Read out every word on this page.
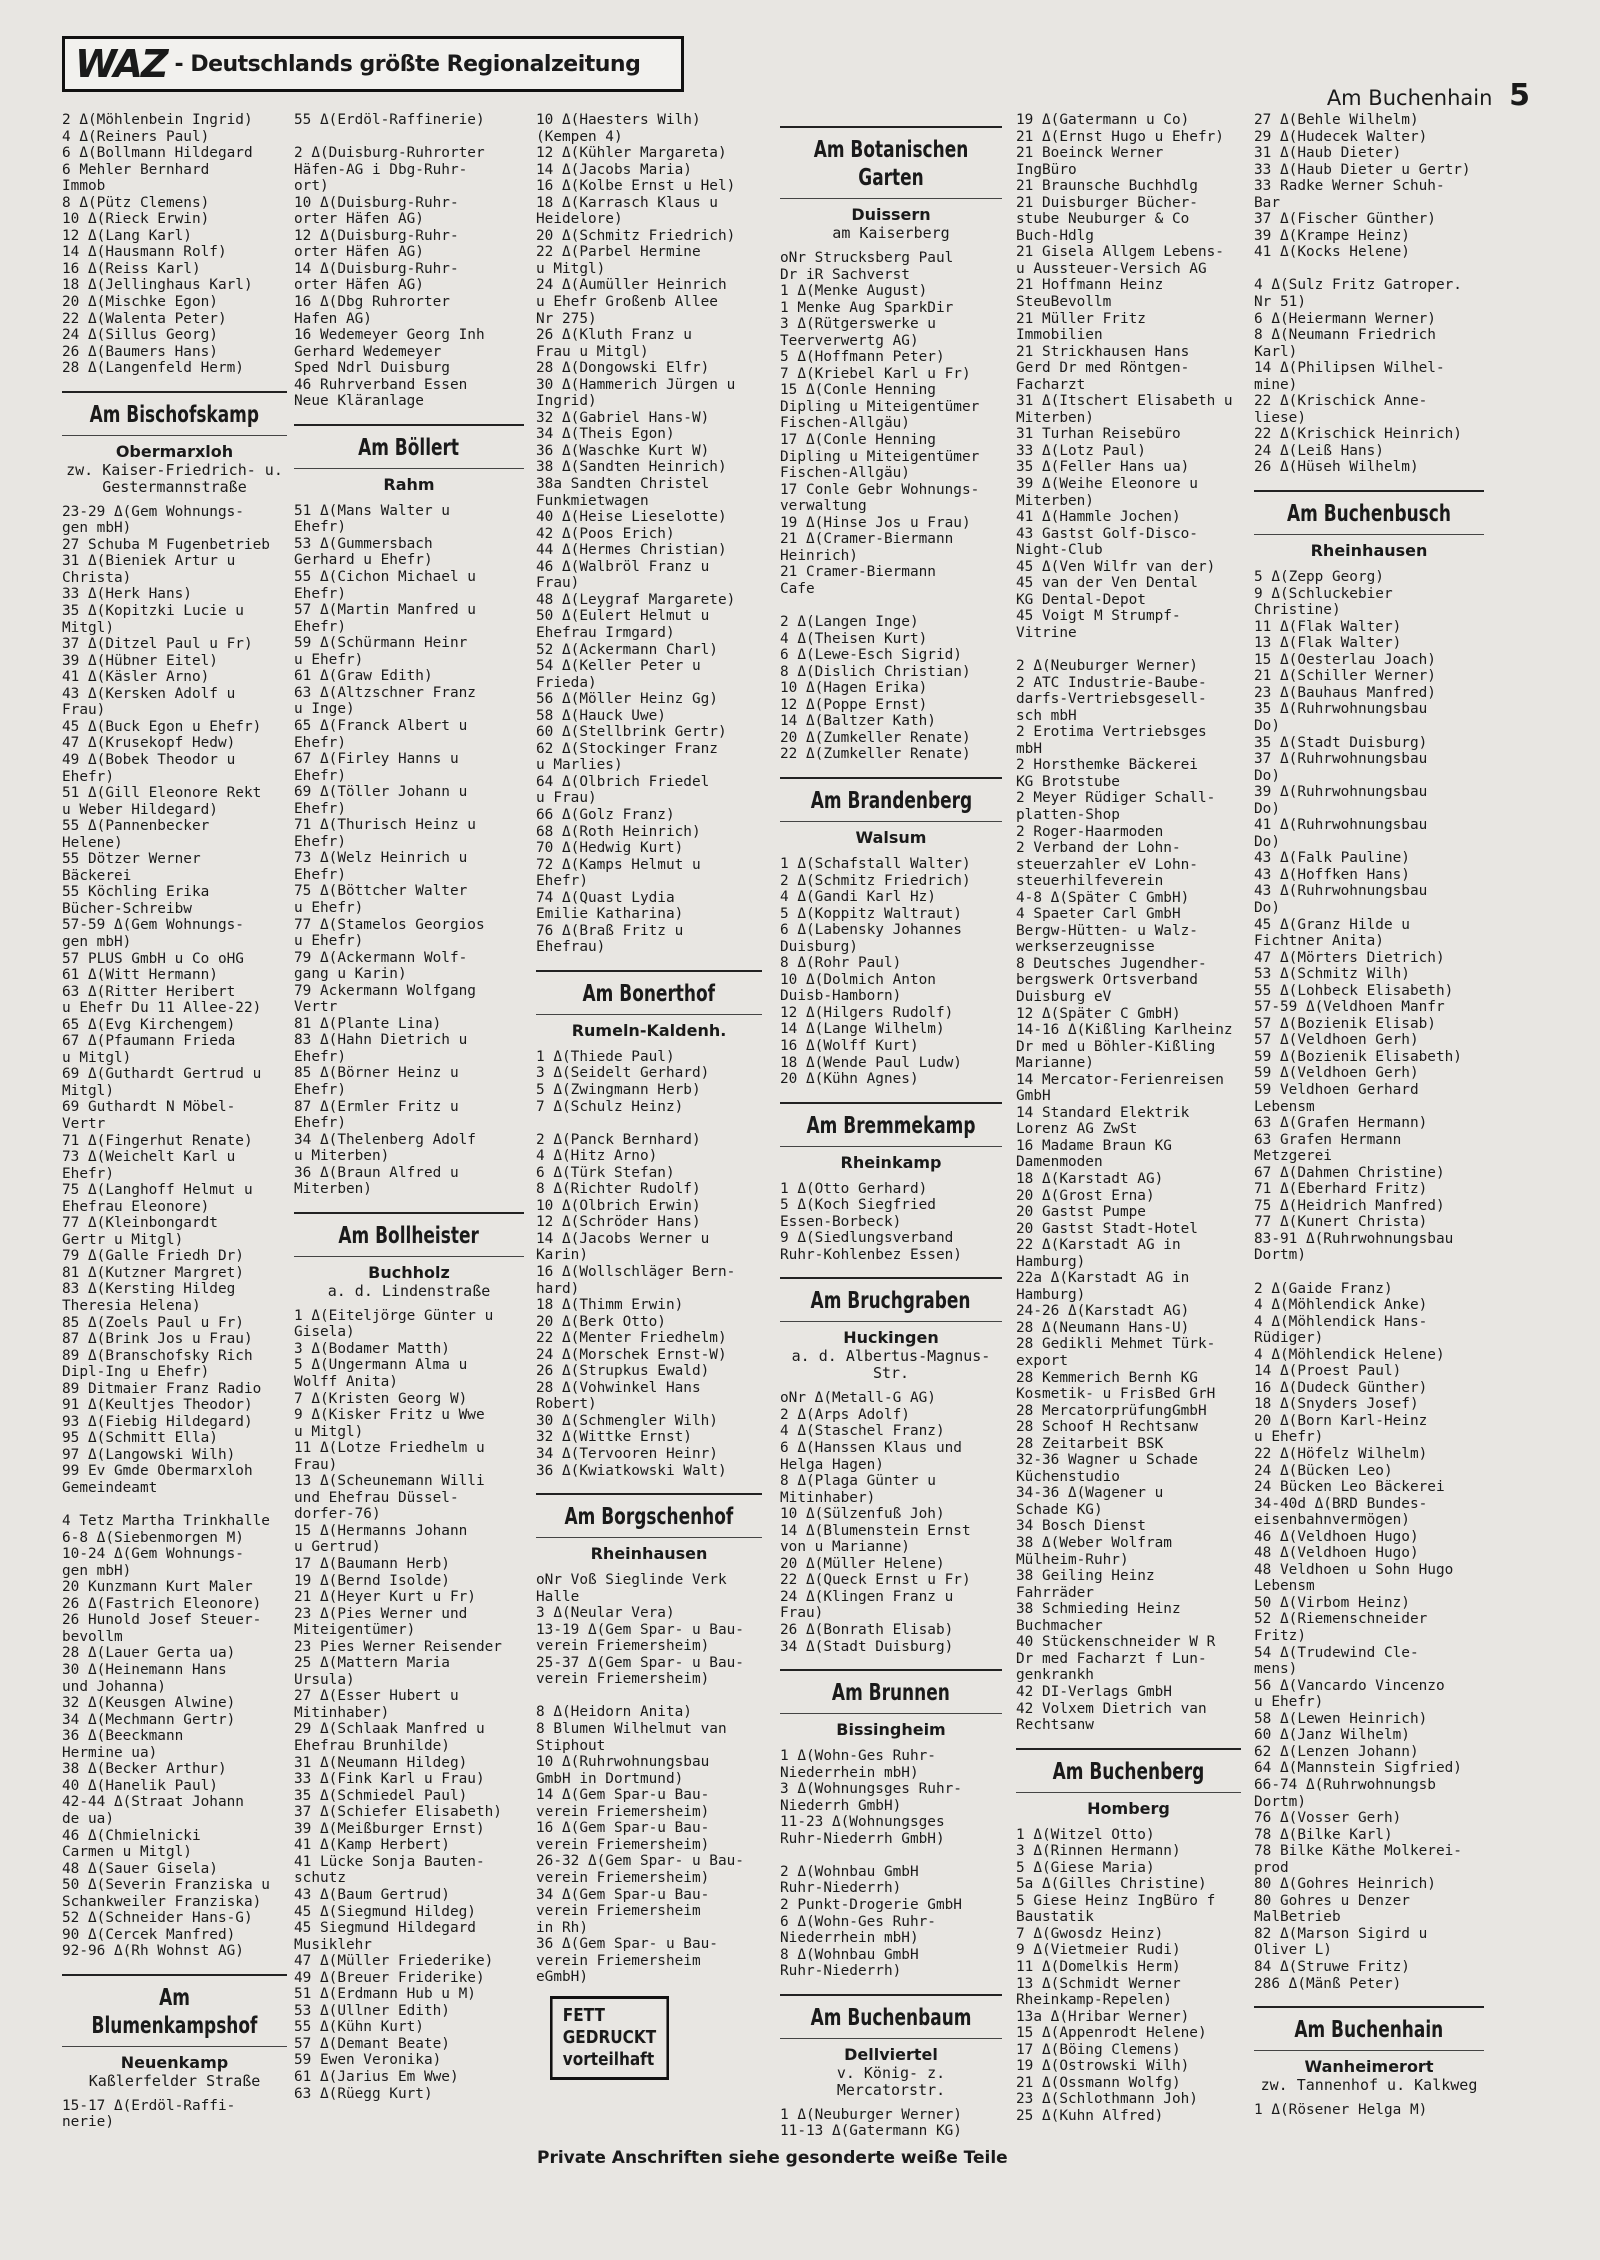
WAZ - Deutschlands größte Regionalzeitung
Am Buchenhain 5
2 Δ(Möhlenbein Ingrid)
4 Δ(Reiners Paul)
6 Δ(Bollmann Hildegard
6 Mehler Bernhard
Immob
8 Δ(Pütz Clemens)
10 Δ(Rieck Erwin)
12 Δ(Lang Karl)
14 Δ(Hausmann Rolf)
16 Δ(Reiss Karl)
18 Δ(Jellinghaus Karl)
20 Δ(Mischke Egon)
22 Δ(Walenta Peter)
24 Δ(Sillus Georg)
26 Δ(Baumers Hans)
28 Δ(Langenfeld Herm)
Am Bischofskamp
Obermarxloh
zw. Kaiser-Friedrich- u. Gestermannstraße
23-29 Δ(Gem Wohnungs-
gen mbH)
27 Schuba M Fugenbetrieb
31 Δ(Bieniek Artur u
Christa)
33 Δ(Herk Hans)
35 Δ(Kopitzki Lucie u
Mitgl)
37 Δ(Ditzel Paul u Fr)
39 Δ(Hübner Eitel)
41 Δ(Käsler Arno)
43 Δ(Kersken Adolf u
Frau)
45 Δ(Buck Egon u Ehefr)
47 Δ(Krusekopf Hedw)
49 Δ(Bobek Theodor u
Ehefr)
51 Δ(Gill Eleonore Rekt
u Weber Hildegard)
55 Δ(Pannenbecker
Helene)
55 Dötzer Werner
Bäckerei
55 Köchling Erika
Bücher-Schreibw
57-59 Δ(Gem Wohnungs-
gen mbH)
57 PLUS GmbH u Co oHG
61 Δ(Witt Hermann)
63 Δ(Ritter Heribert
u Ehefr Du 11 Allee-22)
65 Δ(Evg Kirchengem)
67 Δ(Pfaumann Frieda
u Mitgl)
69 Δ(Guthardt Gertrud u
Mitgl)
69 Guthardt N Möbel-
Vertr
71 Δ(Fingerhut Renate)
73 Δ(Weichelt Karl u
Ehefr)
75 Δ(Langhoff Helmut u
Ehefrau Eleonore)
77 Δ(Kleinbongardt
Gertr u Mitgl)
79 Δ(Galle Friedh Dr)
81 Δ(Kutzner Margret)
83 Δ(Kersting Hildeg
Theresia Helena)
85 Δ(Zoels Paul u Fr)
87 Δ(Brink Jos u Frau)
89 Δ(Branschofsky Rich
Dipl-Ing u Ehefr)
89 Ditmaier Franz Radio
91 Δ(Keultjes Theodor)
93 Δ(Fiebig Hildegard)
95 Δ(Schmitt Ella)
97 Δ(Langowski Wilh)
99 Ev Gmde Obermarxloh
Gemeindeamt

4 Tetz Martha Trinkhalle
6-8 Δ(Siebenmorgen M)
10-24 Δ(Gem Wohnungs-
gen mbH)
20 Kunzmann Kurt Maler
26 Δ(Fastrich Eleonore)
26 Hunold Josef Steuer-
bevollm
28 Δ(Lauer Gerta ua)
30 Δ(Heinemann Hans
und Johanna)
32 Δ(Keusgen Alwine)
34 Δ(Mechmann Gertr)
36 Δ(Beeckmann
Hermine ua)
38 Δ(Becker Arthur)
40 Δ(Hanelik Paul)
42-44 Δ(Straat Johann
de ua)
46 Δ(Chmielnicki
Carmen u Mitgl)
48 Δ(Sauer Gisela)
50 Δ(Severin Franziska u
Schankweiler Franziska)
52 Δ(Schneider Hans-G)
90 Δ(Cercek Manfred)
92-96 Δ(Rh Wohnst AG)
Am Blumenkampshof
Neuenkamp
Kaßlerfelder Straße
15-17 Δ(Erdöl-Raffi-
nerie)
55 Δ(Erdöl-Raffinerie)

2 Δ(Duisburg-Ruhrorter
Häfen-AG i Dbg-Ruhr-
ort)
10 Δ(Duisburg-Ruhr-
orter Häfen AG)
12 Δ(Duisburg-Ruhr-
orter Häfen AG)
14 Δ(Duisburg-Ruhr-
orter Häfen AG)
16 Δ(Dbg Ruhrorter
Hafen AG)
16 Wedemeyer Georg Inh
Gerhard Wedemeyer
Sped Ndrl Duisburg
46 Ruhrverband Essen
Neue Kläranlage
Am Böllert
Rahm
51 Δ(Mans Walter u
Ehefr)
53 Δ(Gummersbach
Gerhard u Ehefr)
55 Δ(Cichon Michael u
Ehefr)
57 Δ(Martin Manfred u
Ehefr)
59 Δ(Schürmann Heinr
u Ehefr)
61 Δ(Graw Edith)
63 Δ(Altzschner Franz
u Inge)
65 Δ(Franck Albert u
Ehefr)
67 Δ(Firley Hanns u
Ehefr)
69 Δ(Töller Johann u
Ehefr)
71 Δ(Thurisch Heinz u
Ehefr)
73 Δ(Welz Heinrich u
Ehefr)
75 Δ(Böttcher Walter
u Ehefr)
77 Δ(Stamelos Georgios
u Ehefr)
79 Δ(Ackermann Wolf-
gang u Karin)
79 Ackermann Wolfgang
Vertr
81 Δ(Plante Lina)
83 Δ(Hahn Dietrich u
Ehefr)
85 Δ(Börner Heinz u
Ehefr)
87 Δ(Ermler Fritz u
Ehefr)
34 Δ(Thelenberg Adolf
u Miterben)
36 Δ(Braun Alfred u
Miterben)
Am Bollheister
Buchholz
a. d. Lindenstraße
1 Δ(Eiteljörge Günter u
Gisela)
3 Δ(Bodamer Matth)
5 Δ(Ungermann Alma u
Wolff Anita)
7 Δ(Kristen Georg W)
9 Δ(Kisker Fritz u Wwe
u Mitgl)
11 Δ(Lotze Friedhelm u
Frau)
13 Δ(Scheunemann Willi
und Ehefrau Düssel-
dorfer-76)
15 Δ(Hermanns Johann
u Gertrud)
17 Δ(Baumann Herb)
19 Δ(Bernd Isolde)
21 Δ(Heyer Kurt u Fr)
23 Δ(Pies Werner und
Miteigentümer)
23 Pies Werner Reisender
25 Δ(Mattern Maria
Ursula)
27 Δ(Esser Hubert u
Mitinhaber)
29 Δ(Schlaak Manfred u
Ehefrau Brunhilde)
31 Δ(Neumann Hildeg)
33 Δ(Fink Karl u Frau)
35 Δ(Schmiedel Paul)
37 Δ(Schiefer Elisabeth)
39 Δ(Meißburger Ernst)
41 Δ(Kamp Herbert)
41 Lücke Sonja Bauten-
schutz
43 Δ(Baum Gertrud)
45 Δ(Siegmund Hildeg)
45 Siegmund Hildegard
Musiklehr
47 Δ(Müller Friederike)
49 Δ(Breuer Friderike)
51 Δ(Erdmann Hub u M)
53 Δ(Ullner Edith)
55 Δ(Kühn Kurt)
57 Δ(Demant Beate)
59 Ewen Veronika)
61 Δ(Jarius Em Wwe)
63 Δ(Rüegg Kurt)
10 Δ(Haesters Wilh)
(Kempen 4)
12 Δ(Kühler Margareta)
14 Δ(Jacobs Maria)
16 Δ(Kolbe Ernst u Hel)
18 Δ(Karrasch Klaus u
Heidelore)
20 Δ(Schmitz Friedrich)
22 Δ(Parbel Hermine
u Mitgl)
24 Δ(Aumüller Heinrich
u Ehefr Großenb Allee
Nr 275)
26 Δ(Kluth Franz u
Frau u Mitgl)
28 Δ(Dongowski Elfr)
30 Δ(Hammerich Jürgen u
Ingrid)
32 Δ(Gabriel Hans-W)
34 Δ(Theis Egon)
36 Δ(Waschke Kurt W)
38 Δ(Sandten Heinrich)
38a Sandten Christel
Funkmietwagen
40 Δ(Heise Lieselotte)
42 Δ(Poos Erich)
44 Δ(Hermes Christian)
46 Δ(Walbröl Franz u
Frau)
48 Δ(Leygraf Margarete)
50 Δ(Eulert Helmut u
Ehefrau Irmgard)
52 Δ(Ackermann Charl)
54 Δ(Keller Peter u
Frieda)
56 Δ(Möller Heinz Gg)
58 Δ(Hauck Uwe)
60 Δ(Stellbrink Gertr)
62 Δ(Stockinger Franz
u Marlies)
64 Δ(Olbrich Friedel
u Frau)
66 Δ(Golz Franz)
68 Δ(Roth Heinrich)
70 Δ(Hedwig Kurt)
72 Δ(Kamps Helmut u
Ehefr)
74 Δ(Quast Lydia
Emilie Katharina)
76 Δ(Braß Fritz u
Ehefrau)
Am Bonerthof
Rumeln-Kaldenh.
1 Δ(Thiede Paul)
3 Δ(Seidelt Gerhard)
5 Δ(Zwingmann Herb)
7 Δ(Schulz Heinz)

2 Δ(Panck Bernhard)
4 Δ(Hitz Arno)
6 Δ(Türk Stefan)
8 Δ(Richter Rudolf)
10 Δ(Olbrich Erwin)
12 Δ(Schröder Hans)
14 Δ(Jacobs Werner u
Karin)
16 Δ(Wollschläger Bern-
hard)
18 Δ(Thimm Erwin)
20 Δ(Berk Otto)
22 Δ(Menter Friedhelm)
24 Δ(Morschek Ernst-W)
26 Δ(Strupkus Ewald)
28 Δ(Vohwinkel Hans
Robert)
30 Δ(Schmengler Wilh)
32 Δ(Wittke Ernst)
34 Δ(Tervooren Heinr)
36 Δ(Kwiatkowski Walt)
Am Borgschenhof
Rheinhausen
oNr Voß Sieglinde Verk
Halle
3 Δ(Neular Vera)
13-19 Δ(Gem Spar- u Bau-
verein Friemersheim)
25-37 Δ(Gem Spar- u Bau-
verein Friemersheim)

8 Δ(Heidorn Anita)
8 Blumen Wilhelmut van
Stiphout
10 Δ(Ruhrwohnungsbau
GmbH in Dortmund)
14 Δ(Gem Spar-u Bau-
verein Friemersheim)
16 Δ(Gem Spar-u Bau-
verein Friemersheim)
26-32 Δ(Gem Spar- u Bau-
verein Friemersheim)
34 Δ(Gem Spar-u Bau-
verein Friemersheim
in Rh)
36 Δ(Gem Spar- u Bau-
verein Friemersheim
eGmbH)
FETT
GEDRUCKT
vorteilhaft
Am Botanischen Garten
Duissern
am Kaiserberg
oNr Strucksberg Paul
Dr iR Sachverst
1 Δ(Menke August)
1 Menke Aug SparkDir
3 Δ(Rütgerswerke u
Teerverwertg AG)
5 Δ(Hoffmann Peter)
7 Δ(Kriebel Karl u Fr)
15 Δ(Conle Henning
Dipling u Miteigentümer
Fischen-Allgäu)
17 Δ(Conle Henning
Dipling u Miteigentümer
Fischen-Allgäu)
17 Conle Gebr Wohnungs-
verwaltung
19 Δ(Hinse Jos u Frau)
21 Δ(Cramer-Biermann
Heinrich)
21 Cramer-Biermann
Cafe

2 Δ(Langen Inge)
4 Δ(Theisen Kurt)
6 Δ(Lewe-Esch Sigrid)
8 Δ(Dislich Christian)
10 Δ(Hagen Erika)
12 Δ(Poppe Ernst)
14 Δ(Baltzer Kath)
20 Δ(Zumkeller Renate)
22 Δ(Zumkeller Renate)
Am Brandenberg
Walsum
1 Δ(Schafstall Walter)
2 Δ(Schmitz Friedrich)
4 Δ(Gandi Karl Hz)
5 Δ(Koppitz Waltraut)
6 Δ(Labensky Johannes
Duisburg)
8 Δ(Rohr Paul)
10 Δ(Dolmich Anton
Duisb-Hamborn)
12 Δ(Hilgers Rudolf)
14 Δ(Lange Wilhelm)
16 Δ(Wolff Kurt)
18 Δ(Wende Paul Ludw)
20 Δ(Kühn Agnes)
Am Bremmekamp
Rheinkamp
1 Δ(Otto Gerhard)
5 Δ(Koch Siegfried
Essen-Borbeck)
9 Δ(Siedlungsverband
Ruhr-Kohlenbez Essen)
Am Bruchgraben
Huckingen
a. d. Albertus-Magnus-Str.
oNr Δ(Metall-G AG)
2 Δ(Arps Adolf)
4 Δ(Staschel Franz)
6 Δ(Hanssen Klaus und
Helga Hagen)
8 Δ(Plaga Günter u
Mitinhaber)
10 Δ(Sülzenfuß Joh)
14 Δ(Blumenstein Ernst
von u Marianne)
20 Δ(Müller Helene)
22 Δ(Queck Ernst u Fr)
24 Δ(Klingen Franz u
Frau)
26 Δ(Bonrath Elisab)
34 Δ(Stadt Duisburg)
Am Brunnen
Bissingheim
1 Δ(Wohn-Ges Ruhr-
Niederrhein mbH)
3 Δ(Wohnungsges Ruhr-
Niederrh GmbH)
11-23 Δ(Wohnungsges
Ruhr-Niederrh GmbH)

2 Δ(Wohnbau GmbH
Ruhr-Niederrh)
2 Punkt-Drogerie GmbH
6 Δ(Wohn-Ges Ruhr-
Niederrhein mbH)
8 Δ(Wohnbau GmbH
Ruhr-Niederrh)
Am Buchenbaum
Dellviertel
v. König- z. Mercatorstr.
1 Δ(Neuburger Werner)
11-13 Δ(Gatermann KG)
19 Δ(Gatermann u Co)
21 Δ(Ernst Hugo u Ehefr)
21 Boeinck Werner
IngBüro
21 Braunsche Buchhdlg
21 Duisburger Bücher-
stube Neuburger & Co
Buch-Hdlg
21 Gisela Allgem Lebens-
u Aussteuer-Versich AG
21 Hoffmann Heinz
SteuBevollm
21 Müller Fritz
Immobilien
21 Strickhausen Hans
Gerd Dr med Röntgen-
Facharzt
31 Δ(Itschert Elisabeth u
Miterben)
31 Turhan Reisebüro
33 Δ(Lotz Paul)
35 Δ(Feller Hans ua)
39 Δ(Weihe Eleonore u
Miterben)
41 Δ(Hammle Jochen)
43 Gastst Golf-Disco-
Night-Club
45 Δ(Ven Wilfr van der)
45 van der Ven Dental
KG Dental-Depot
45 Voigt M Strumpf-
Vitrine

2 Δ(Neuburger Werner)
2 ATC Industrie-Baube-
darfs-Vertriebsgesell-
sch mbH
2 Erotima Vertriebsges
mbH
2 Horsthemke Bäckerei
KG Brotstube
2 Meyer Rüdiger Schall-
platten-Shop
2 Roger-Haarmoden
2 Verband der Lohn-
steuerzahler eV Lohn-
steuerhilfeverein
4-8 Δ(Später C GmbH)
4 Spaeter Carl GmbH
Bergw-Hütten- u Walz-
werkserzeugnisse
8 Deutsches Jugendher-
bergswerk Ortsverband
Duisburg eV
12 Δ(Später C GmbH)
14-16 Δ(Kißling Karlheinz
Dr med u Böhler-Kißling
Marianne)
14 Mercator-Ferienreisen
GmbH
14 Standard Elektrik
Lorenz AG ZwSt
16 Madame Braun KG
Damenmoden
18 Δ(Karstadt AG)
20 Δ(Grost Erna)
20 Gastst Pumpe
20 Gastst Stadt-Hotel
22 Δ(Karstadt AG in
Hamburg)
22a Δ(Karstadt AG in
Hamburg)
24-26 Δ(Karstadt AG)
28 Δ(Neumann Hans-U)
28 Gedikli Mehmet Türk-
export
28 Kemmerich Bernh KG
Kosmetik- u FrisBed GrH
28 MercatorprüfungGmbH
28 Schoof H Rechtsanw
28 Zeitarbeit BSK
32-36 Wagner u Schade
Küchenstudio
34-36 Δ(Wagener u
Schade KG)
34 Bosch Dienst
38 Δ(Weber Wolfram
Mülheim-Ruhr)
38 Geiling Heinz
Fahrräder
38 Schmieding Heinz
Buchmacher
40 Stückenschneider W R
Dr med Facharzt f Lun-
genkrankh
42 DI-Verlags GmbH
42 Volxem Dietrich van
Rechtsanw
Am Buchenberg
Homberg
1 Δ(Witzel Otto)
3 Δ(Rinnen Hermann)
5 Δ(Giese Maria)
5a Δ(Gilles Christine)
5 Giese Heinz IngBüro f
Baustatik
7 Δ(Gwosdz Heinz)
9 Δ(Vietmeier Rudi)
11 Δ(Domelkis Herm)
13 Δ(Schmidt Werner
Rheinkamp-Repelen)
13a Δ(Hribar Werner)
15 Δ(Appenrodt Helene)
17 Δ(Böing Clemens)
19 Δ(Ostrowski Wilh)
21 Δ(Ossmann Wolfg)
23 Δ(Schlothmann Joh)
25 Δ(Kuhn Alfred)
27 Δ(Behle Wilhelm)
29 Δ(Hudecek Walter)
31 Δ(Haub Dieter)
33 Δ(Haub Dieter u Gertr)
33 Radke Werner Schuh-
Bar
37 Δ(Fischer Günther)
39 Δ(Krampe Heinz)
41 Δ(Kocks Helene)

4 Δ(Sulz Fritz Gatroper.
Nr 51)
6 Δ(Heiermann Werner)
8 Δ(Neumann Friedrich
Karl)
14 Δ(Philipsen Wilhel-
mine)
22 Δ(Krischick Anne-
liese)
22 Δ(Krischick Heinrich)
24 Δ(Leiß Hans)
26 Δ(Hüseh Wilhelm)
Am Buchenbusch
Rheinhausen
5 Δ(Zepp Georg)
9 Δ(Schluckebier
Christine)
11 Δ(Flak Walter)
13 Δ(Flak Walter)
15 Δ(Oesterlau Joach)
21 Δ(Schiller Werner)
23 Δ(Bauhaus Manfred)
35 Δ(Ruhrwohnungsbau
Do)
35 Δ(Stadt Duisburg)
37 Δ(Ruhrwohnungsbau
Do)
39 Δ(Ruhrwohnungsbau
Do)
41 Δ(Ruhrwohnungsbau
Do)
43 Δ(Falk Pauline)
43 Δ(Hoffken Hans)
43 Δ(Ruhrwohnungsbau
Do)
45 Δ(Granz Hilde u
Fichtner Anita)
47 Δ(Mörters Dietrich)
53 Δ(Schmitz Wilh)
55 Δ(Lohbeck Elisabeth)
57-59 Δ(Veldhoen Manfr
57 Δ(Bozienik Elisab)
57 Δ(Veldhoen Gerh)
59 Δ(Bozienik Elisabeth)
59 Δ(Veldhoen Gerh)
59 Veldhoen Gerhard
Lebensm
63 Δ(Grafen Hermann)
63 Grafen Hermann
Metzgerei
67 Δ(Dahmen Christine)
71 Δ(Eberhard Fritz)
75 Δ(Heidrich Manfred)
77 Δ(Kunert Christa)
83-91 Δ(Ruhrwohnungsbau
Dortm)

2 Δ(Gaide Franz)
4 Δ(Möhlendick Anke)
4 Δ(Möhlendick Hans-
Rüdiger)
4 Δ(Möhlendick Helene)
14 Δ(Proest Paul)
16 Δ(Dudeck Günther)
18 Δ(Snyders Josef)
20 Δ(Born Karl-Heinz
u Ehefr)
22 Δ(Höfelz Wilhelm)
24 Δ(Bücken Leo)
24 Bücken Leo Bäckerei
34-40d Δ(BRD Bundes-
eisenbahnvermögen)
46 Δ(Veldhoen Hugo)
48 Δ(Veldhoen Hugo)
48 Veldhoen u Sohn Hugo
Lebensm
50 Δ(Virbom Heinz)
52 Δ(Riemenschneider
Fritz)
54 Δ(Trudewind Cle-
mens)
56 Δ(Vancardo Vincenzo
u Ehefr)
58 Δ(Lewen Heinrich)
60 Δ(Janz Wilhelm)
62 Δ(Lenzen Johann)
64 Δ(Mannstein Sigfried)
66-74 Δ(Ruhrwohnungsb
Dortm)
76 Δ(Vosser Gerh)
78 Δ(Bilke Karl)
78 Bilke Käthe Molkerei-
prod
80 Δ(Gohres Heinrich)
80 Gohres u Denzer
MalBetrieb
82 Δ(Marson Sigird u
Oliver L)
84 Δ(Struwe Fritz)
286 Δ(Mänß Peter)
Am Buchenhain
Wanheimerort
zw. Tannenhof u. Kalkweg
1 Δ(Rösener Helga M)
Private Anschriften siehe gesonderte weiße Teile
